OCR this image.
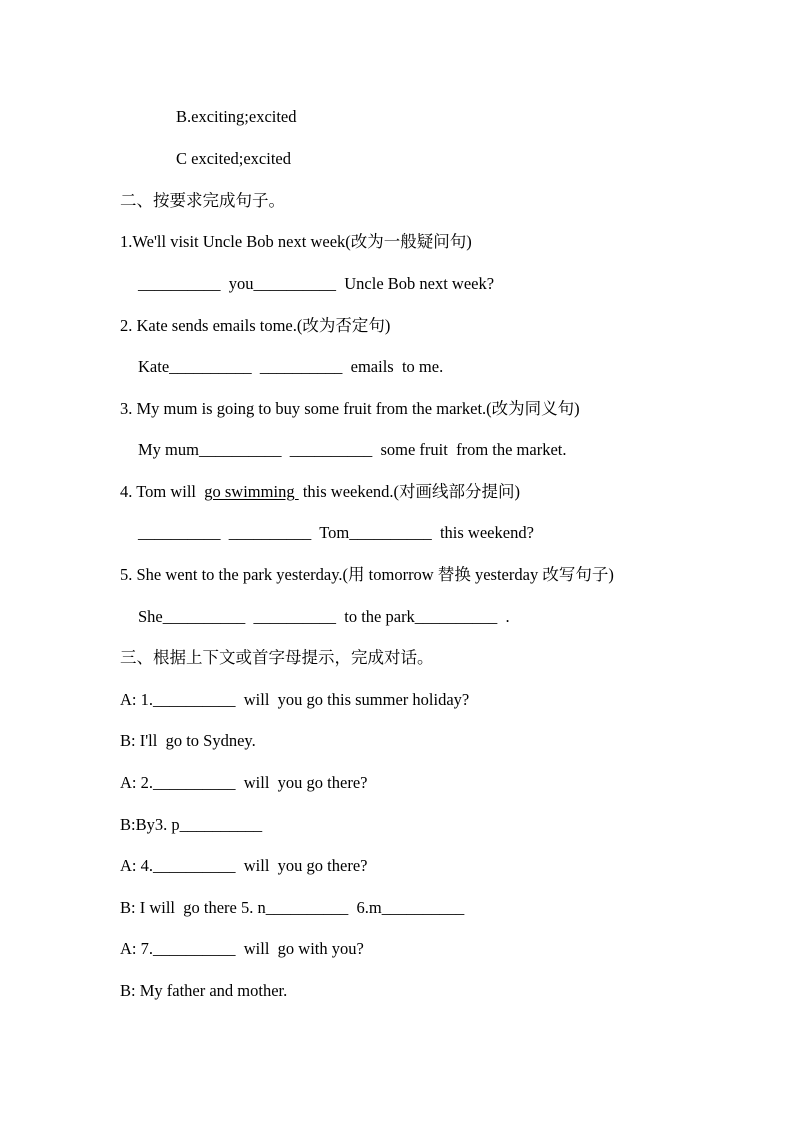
B.exciting;excited
C excited;excited
二、按要求完成句子。
1.We'll visit Uncle Bob next week(改为一般疑问句)
__________  you__________  Uncle Bob next week?
2. Kate sends emails tome.(改为否定句)
Kate__________  __________  emails  to me.
3. My mum is going to buy some fruit from the market.(改为同义句)
My mum__________  __________  some fruit  from the market.
4. Tom will  go swimming  this weekend.(对画线部分提问)
__________  __________  Tom__________  this weekend?
5. She went to the park yesterday.(用 tomorrow 替换 yesterday 改写句子)
She__________  __________  to the park__________  .
三、根据上下文或首字母提示，完成对话。
A: 1.__________  will  you go this summer holiday?
B: I'll  go to Sydney.
A: 2.__________  will  you go there?
B:By3. p__________
A: 4.__________  will  you go there?
B: I will  go there 5. n__________  6.m__________
A: 7.__________  will  go with you?
B: My father and mother.
